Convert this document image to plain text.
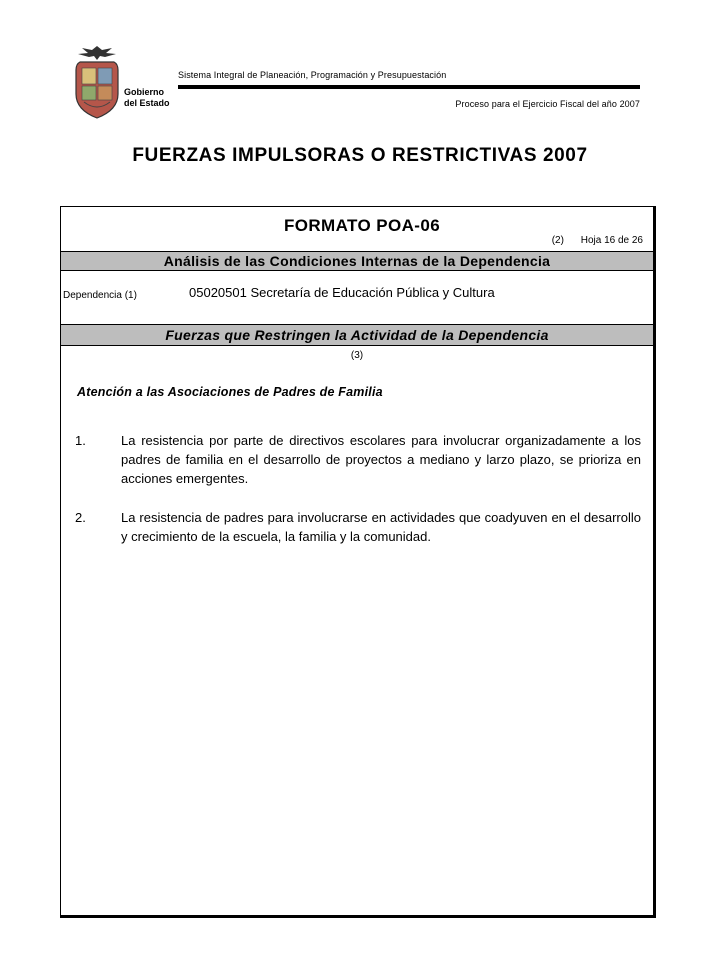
Gobierno
del Estado
Sistema Integral de Planeación, Programación y Presupuestación
Proceso para el Ejercicio Fiscal del año 2007
FUERZAS IMPULSORAS O RESTRICTIVAS 2007
FORMATO POA-06
(2) Hoja 16 de 26
Análisis de las Condiciones Internas de la Dependencia
Dependencia (1)	05020501 Secretaría de Educación Pública y Cultura
Fuerzas que Restringen la Actividad de la Dependencia
(3)
Atención a las Asociaciones de Padres de Familia
1.	La resistencia por parte de directivos escolares para involucrar organizadamente a los padres de familia en el desarrollo de proyectos a mediano y larzo plazo, se prioriza en acciones emergentes.
2.	La resistencia de padres para involucrarse en actividades que coadyuven en el desarrollo y crecimiento de la escuela, la familia y la comunidad.
